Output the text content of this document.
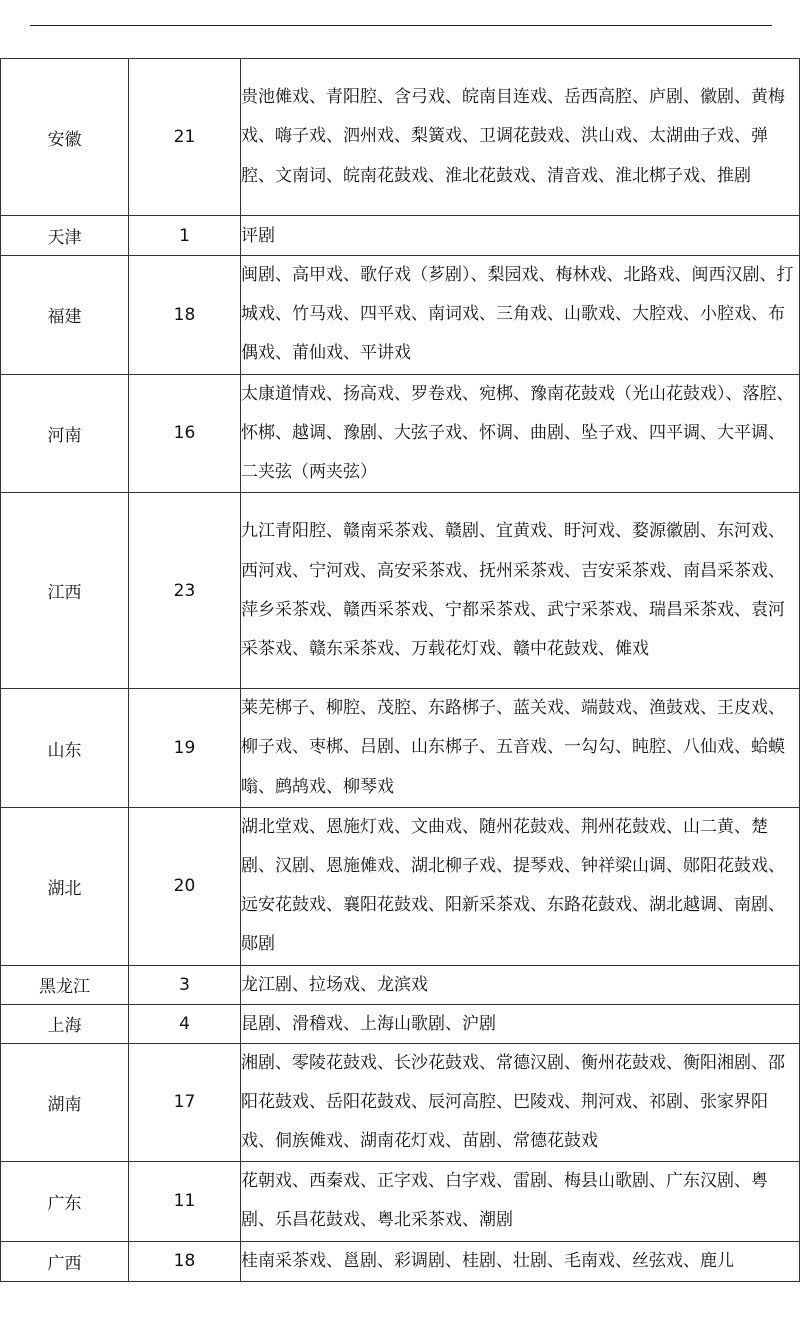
安徽	21	贵池傩戏、青阳腔、含弓戏、皖南目连戏、岳西高腔、庐剧、徽剧、黄梅戏、嗨子戏、泗州戏、梨簧戏、卫调花鼓戏、洪山戏、太湖曲子戏、弹腔、文南词、皖南花鼓戏、淮北花鼓戏、清音戏、淮北梆子戏、推剧
天津	1	评剧
福建	18	闽剧、高甲戏、歌仔戏（芗剧）、梨园戏、梅林戏、北路戏、闽西汉剧、打城戏、竹马戏、四平戏、南词戏、三角戏、山歌戏、大腔戏、小腔戏、布偶戏、莆仙戏、平讲戏
河南	16	太康道情戏、扬高戏、罗卷戏、宛梆、豫南花鼓戏（光山花鼓戏）、落腔、怀梆、越调、豫剧、大弦子戏、怀调、曲剧、坠子戏、四平调、大平调、二夹弦（两夹弦）
江西	23	九江青阳腔、赣南采茶戏、赣剧、宜黄戏、盱河戏、婺源徽剧、东河戏、西河戏、宁河戏、高安采茶戏、抚州采茶戏、吉安采茶戏、南昌采茶戏、萍乡采茶戏、赣西采茶戏、宁都采茶戏、武宁采茶戏、瑞昌采茶戏、袁河采茶戏、赣东采茶戏、万载花灯戏、赣中花鼓戏、傩戏
山东	19	莱芜梆子、柳腔、茂腔、东路梆子、蓝关戏、端鼓戏、渔鼓戏、王皮戏、柳子戏、枣梆、吕剧、山东梆子、五音戏、一勾勾、盹腔、八仙戏、蛤蟆嗡、鹧鸪戏、柳琴戏
湖北	20	湖北堂戏、恩施灯戏、文曲戏、随州花鼓戏、荆州花鼓戏、山二黄、楚剧、汉剧、恩施傩戏、湖北柳子戏、提琴戏、钟祥梁山调、郧阳花鼓戏、远安花鼓戏、襄阳花鼓戏、阳新采茶戏、东路花鼓戏、湖北越调、南剧、郧剧
黑龙江	3	龙江剧、拉场戏、龙滨戏
上海	4	昆剧、滑稽戏、上海山歌剧、沪剧
湖南	17	湘剧、零陵花鼓戏、长沙花鼓戏、常德汉剧、衡州花鼓戏、衡阳湘剧、邵阳花鼓戏、岳阳花鼓戏、辰河高腔、巴陵戏、荆河戏、祁剧、张家界阳戏、侗族傩戏、湖南花灯戏、苗剧、常德花鼓戏
广东	11	花朝戏、西秦戏、正字戏、白字戏、雷剧、梅县山歌剧、广东汉剧、粤剧、乐昌花鼓戏、粤北采茶戏、潮剧
广西	18	桂南采茶戏、邕剧、彩调剧、桂剧、壮剧、毛南戏、丝弦戏、鹿儿
